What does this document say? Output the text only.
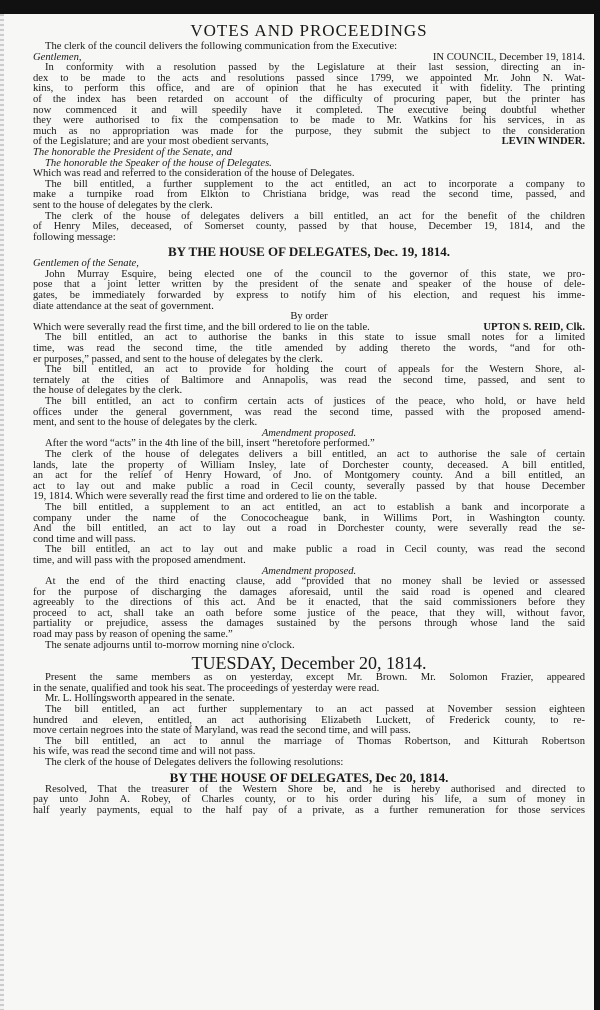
VOTES AND PROCEEDINGS
The clerk of the council delivers the following communication from the Executive:
Gentlemen,	IN COUNCIL, December 19, 1814.
In conformity with a resolution passed by the Legislature at their last session, directing an in-
dex to be made to the acts and resolutions passed since 1799, we appointed Mr. John N. Wat-
kins, to perform this office, and are of opinion that he has executed it with fidelity. The printing
of the index has been retarded on account of the difficulty of procuring paper, but the printer has
now commenced it and will speedily have it completed. The executive being doubtful whether
they were authorised to fix the compensation to be made to Mr. Watkins for his services, in as
much as no appropriation was made for the purpose, they submit the subject to the consideration
of the Legislature; and are your most obedient servants,	LEVIN WINDER.
The honorable the President of the Senate, and
The honorable the Speaker of the house of Delegates.
Which was read and referred to the consideration of the house of Delegates.
The bill entitled, a further supplement to the act entitled, an act to incorporate a company to
make a turnpike road from Elkton to Christiana bridge, was read the second time, passed, and
sent to the house of delegates by the clerk.
The clerk of the house of delegates delivers a bill entitled, an act for the benefit of the children
of Henry Miles, deceased, of Somerset county, passed by that house, December 19, 1814, and the
following message:
BY THE HOUSE OF DELEGATES, Dec. 19, 1814.
Gentlemen of the Senate,
John Murray Esquire, being elected one of the council to the governor of this state, we pro-
pose that a joint letter written by the president of the senate and speaker of the house of dele-
gates, be immediately forwarded by express to notify him of his election, and request his imme-
diate attendance at the seat of government.
By order
Which were severally read the first time, and the bill ordered to lie on the table.	UPTON S. REID, Clk.
The bill entitled, an act to authorise the banks in this state to issue small notes for a limited
time, was read the second time, the title amended by adding thereto the words, “and for oth-
er purposes,” passed, and sent to the house of delegates by the clerk.
The bill entitled, an act to provide for holding the court of appeals for the Western Shore, al-
ternately at the cities of Baltimore and Annapolis, was read the second time, passed, and sent to
the house of delegates by the clerk.
The bill entitled, an act to confirm certain acts of justices of the peace, who hold, or have held
offices under the general government, was read the second time, passed with the proposed amend-
ment, and sent to the house of delegates by the clerk.
Amendment proposed.
After the word “acts” in the 4th line of the bill, insert “heretofore performed.”
The clerk of the house of delegates delivers a bill entitled, an act to authorise the sale of certain
lands, late the property of William Insley, late of Dorchester county, deceased. A bill entitled,
an act for the relief of Henry Howard, of Jno. of Montgomery county. And a bill entitled, an
act to lay out and make public a road in Cecil county, severally passed by that house December
19, 1814. Which were severally read the first time and ordered to lie on the table.
The bill entitled, a supplement to an act entitled, an act to establish a bank and incorporate a
company under the name of the Conococheague bank, in Willims Port, in Washington county.
And the bill entitled, an act to lay out a road in Dorchester county, were severally read the se-
cond time and will pass.
The bill entitled, an act to lay out and make public a road in Cecil county, was read the second
time, and will pass with the proposed amendment.
Amendment proposed.
At the end of the third enacting clause, add “provided that no money shall be levied or assessed
for the purpose of discharging the damages aforesaid, until the said road is opened and cleared
agreeably to the directions of this act. And be it enacted, that the said commissioners before they
proceed to act, shall take an oath before some justice of the peace, that they will, without favor,
partiality or prejudice, assess the damages sustained by the persons through whose land the said
road may pass by reason of opening the same.”
The senate adjourns until to-morrow morning nine o'clock.
TUESDAY, December 20, 1814.
Present the same members as on yesterday, except Mr. Brown. Mr. Solomon Frazier, appeared
in the senate, qualified and took his seat. The proceedings of yesterday were read.
Mr. L. Hollingsworth appeared in the senate.
The bill entitled, an act further supplementary to an act passed at November session eighteen
hundred and eleven, entitled, an act authorising Elizabeth Luckett, of Frederick county, to re-
move certain negroes into the state of Maryland, was read the second time, and will pass.
The bill entitled, an act to annul the marriage of Thomas Robertson, and Kitturah Robertson
his wife, was read the second time and will not pass.
The clerk of the house of Delegates delivers the following resolutions:
BY THE HOUSE OF DELEGATES, Dec 20, 1814.
Resolved, That the treasurer of the Western Shore be, and he is hereby authorised and directed to
pay unto John A. Robey, of Charles county, or to his order during his life, a sum of money in
half yearly payments, equal to the half pay of a private, as a further remuneration for those services
